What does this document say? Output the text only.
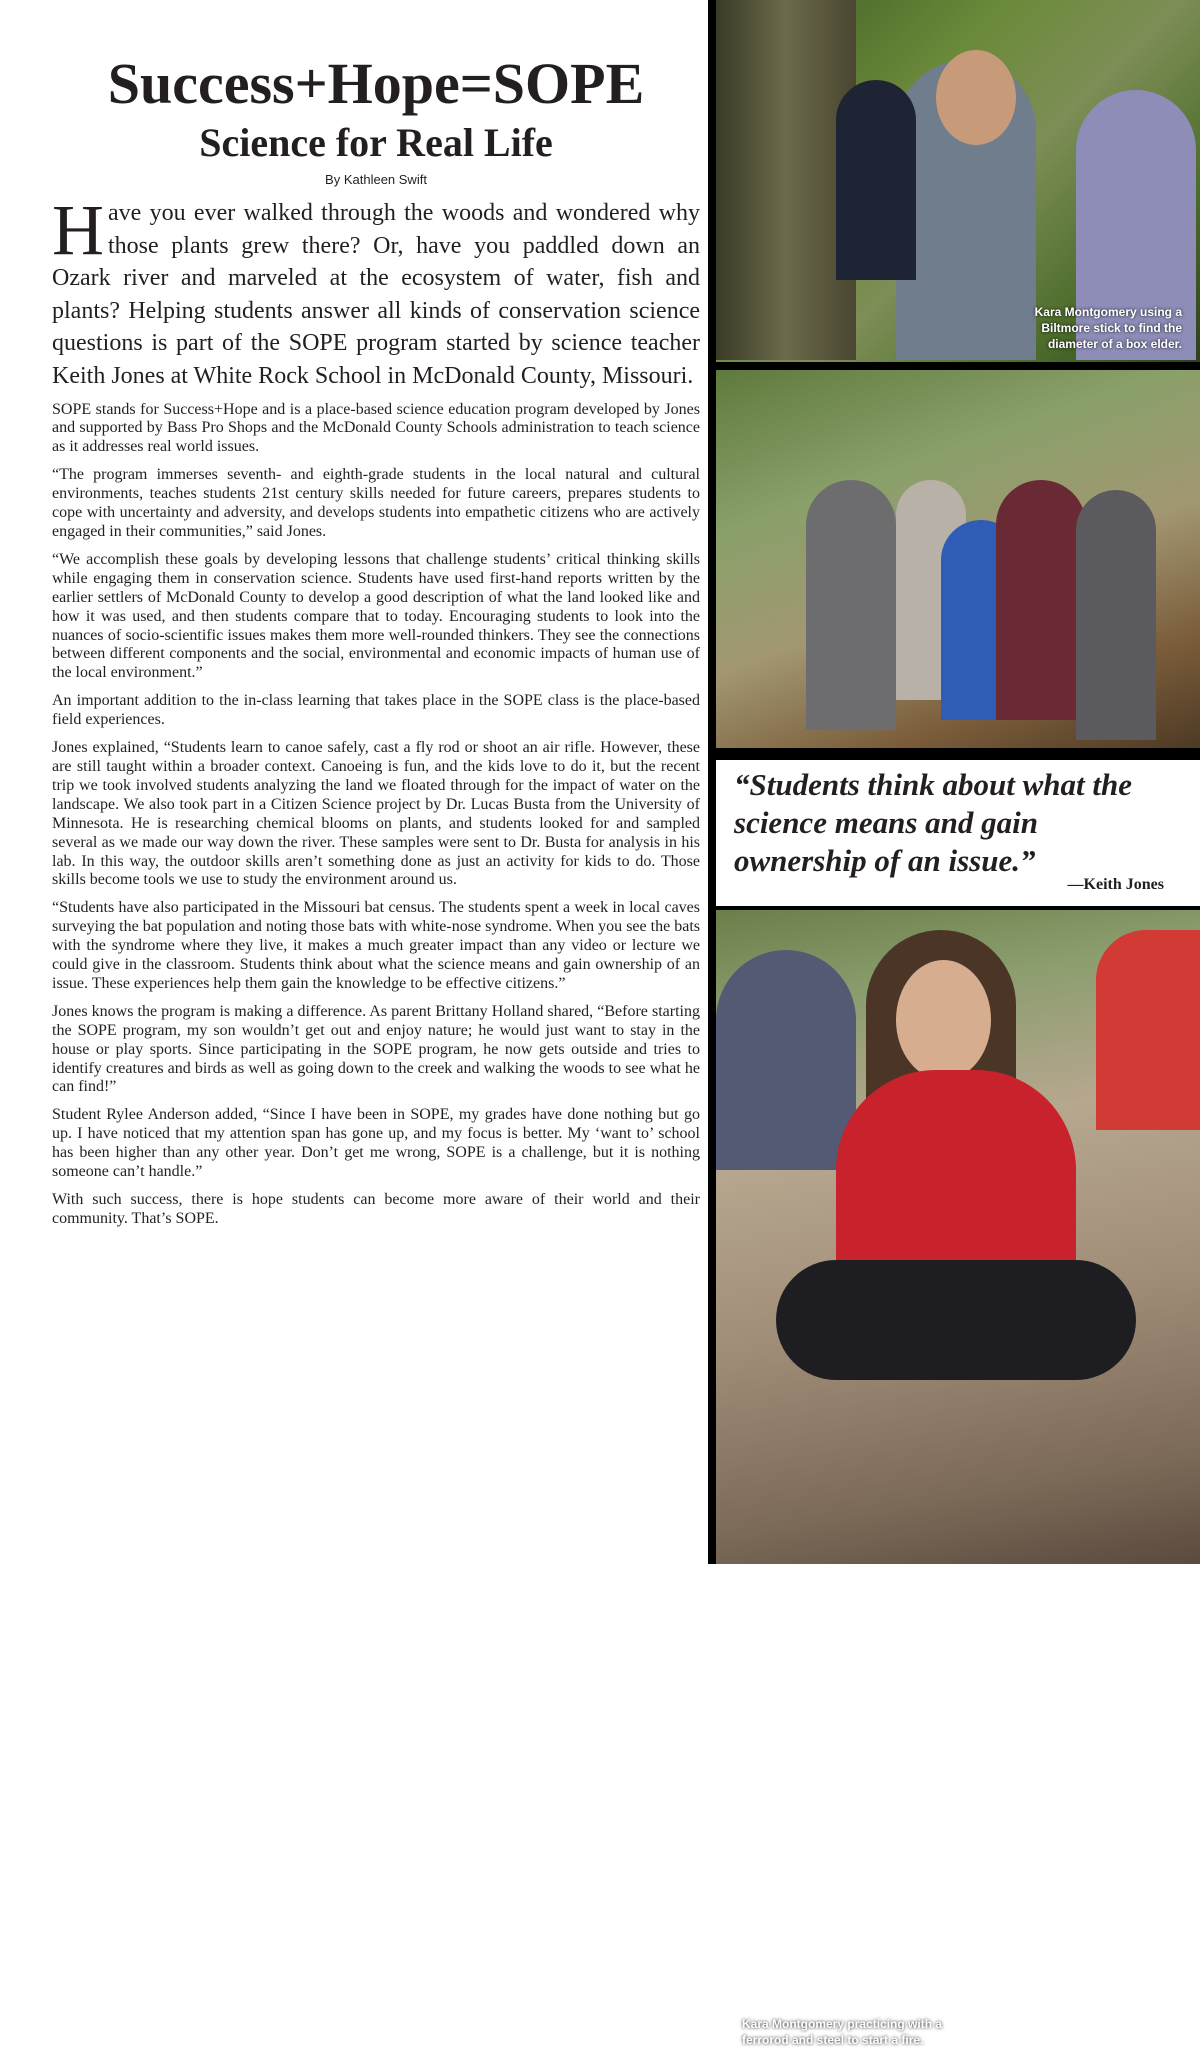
Success+Hope=SOPE
Science for Real Life
By Kathleen Swift

Have you ever walked through the woods and wondered why those plants grew there? Or, have you paddled down an Ozark river and marveled at the ecosystem of water, fish and plants? Helping students answer all kinds of conservation science questions is part of the SOPE program started by science teacher Keith Jones at White Rock School in McDonald County, Missouri.

SOPE stands for Success+Hope and is a place-based science education program developed by Jones and supported by Bass Pro Shops and the McDonald County Schools administration to teach science as it addresses real world issues.

“The program immerses seventh- and eighth-grade students in the local natural and cultural environments, teaches students 21st century skills needed for future careers, prepares students to cope with uncertainty and adversity, and develops students into empathetic citizens who are actively engaged in their communities,” said Jones.

“We accomplish these goals by developing lessons that challenge students’ critical thinking skills while engaging them in conservation science. Students have used first-hand reports written by the earlier settlers of McDonald County to develop a good description of what the land looked like and how it was used, and then students compare that to today. Encouraging students to look into the nuances of socio-scientific issues makes them more well-rounded thinkers. They see the connections between different components and the social, environmental and economic impacts of human use of the local environment.”

An important addition to the in-class learning that takes place in the SOPE class is the place-based field experiences.

Jones explained, “Students learn to canoe safely, cast a fly rod or shoot an air rifle. However, these are still taught within a broader context. Canoeing is fun, and the kids love to do it, but the recent trip we took involved students analyzing the land we floated through for the impact of water on the landscape. We also took part in a Citizen Science project by Dr. Lucas Busta from the University of Minnesota. He is researching chemical blooms on plants, and students looked for and sampled several as we made our way down the river. These samples were sent to Dr. Busta for analysis in his lab. In this way, the outdoor skills aren’t something done as just an activity for kids to do. Those skills become tools we use to study the environment around us.

“Students have also participated in the Missouri bat census. The students spent a week in local caves surveying the bat population and noting those bats with white-nose syndrome. When you see the bats with the syndrome where they live, it makes a much greater impact than any video or lecture we could give in the classroom. Students think about what the science means and gain ownership of an issue. These experiences help them gain the knowledge to be effective citizens.”

Jones knows the program is making a difference. As parent Brittany Holland shared, “Before starting the SOPE program, my son wouldn’t get out and enjoy nature; he would just want to stay in the house or play sports. Since participating in the SOPE program, he now gets outside and tries to identify creatures and birds as well as going down to the creek and walking the woods to see what he can find!”

Student Rylee Anderson added, “Since I have been in SOPE, my grades have done nothing but go up. I have noticed that my attention span has gone up, and my focus is better. My ‘want to’ school has been higher than any other year. Don’t get me wrong, SOPE is a challenge, but it is nothing someone can’t handle.”

With such success, there is hope students can become more aware of their world and their community. That’s SOPE.

Kara Montgomery using a Biltmore stick to find the diameter of a box elder.
Kara Montgomery practicing with a ferrorod and steel to start a fire.

“Students think about what the science means and gain ownership of an issue.”

—Keith Jones
